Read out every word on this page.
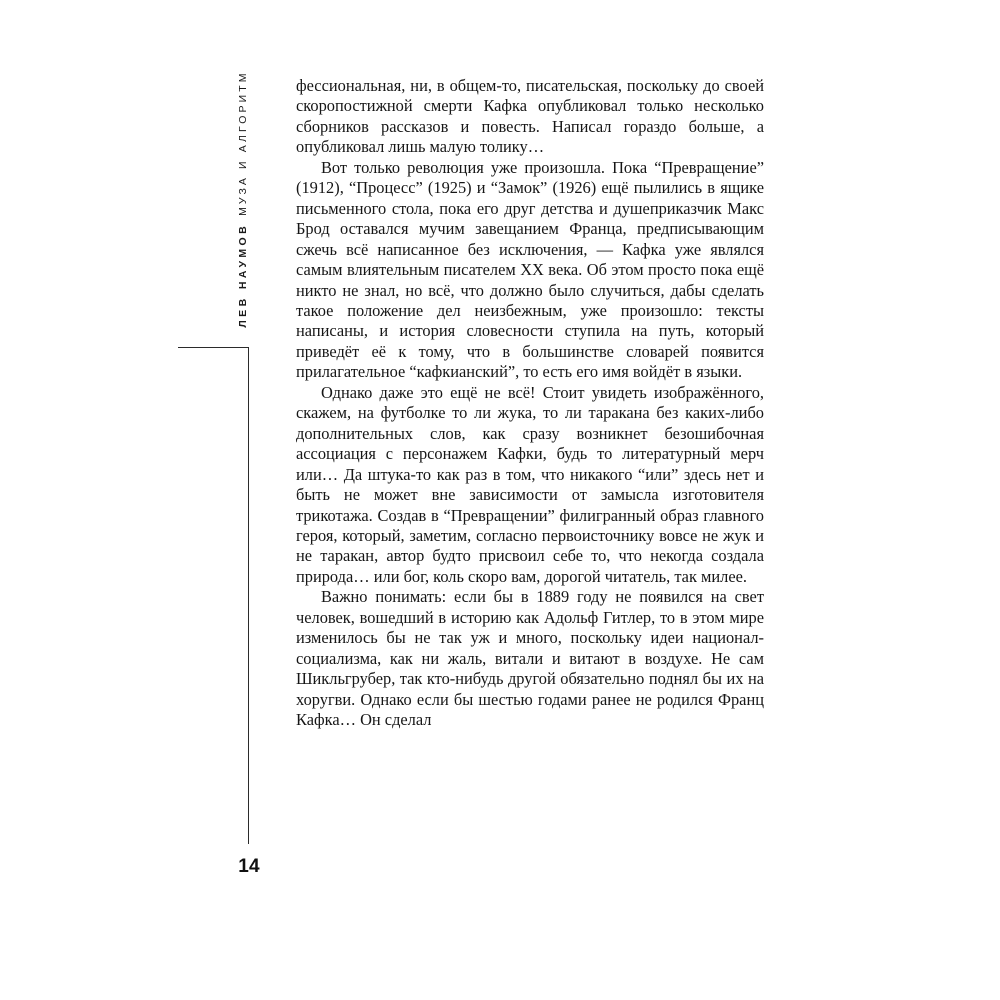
ЛЕВ НАУМОВ
МУЗА И АЛГОРИТМ
14

фессиональная, ни, в общем-то, писательская, поскольку до своей скоропостижной смерти Кафка опубликовал только несколько сборников рассказов и повесть. Написал гораздо больше, а опубликовал лишь малую толику…

Вот только революция уже произошла. Пока “Превращение” (1912), “Процесс” (1925) и “Замок” (1926) ещё пылились в ящике письменного стола, пока его друг детства и душеприказчик Макс Брод оставался мучим завещанием Франца, предписывающим сжечь всё написанное без исключения, — Кафка уже являлся самым влиятельным писателем XX века. Об этом просто пока ещё никто не знал, но всё, что должно было случиться, дабы сделать такое положение дел неизбежным, уже произошло: тексты написаны, и история словесности ступила на путь, который приведёт её к тому, что в большинстве словарей появится прилагательное “кафкианский”, то есть его имя войдёт в языки.

Однако даже это ещё не всё! Стоит увидеть изображённого, скажем, на футболке то ли жука, то ли таракана без каких-либо дополнительных слов, как сразу возникнет безошибочная ассоциация с персонажем Кафки, будь то литературный мерч или… Да штука-то как раз в том, что никакого “или” здесь нет и быть не может вне зависимости от замысла изготовителя трикотажа. Создав в “Превращении” филигранный образ главного героя, который, заметим, согласно первоисточнику вовсе не жук и не таракан, автор будто присвоил себе то, что некогда создала природа… или бог, коль скоро вам, дорогой читатель, так милее.

Важно понимать: если бы в 1889 году не появился на свет человек, вошедший в историю как Адольф Гитлер, то в этом мире изменилось бы не так уж и много, поскольку идеи национал-социализма, как ни жаль, витали и витают в воздухе. Не сам Шикльгрубер, так кто-нибудь другой обязательно поднял бы их на хоругви. Однако если бы шестью годами ранее не родился Франц Кафка… Он сделал
